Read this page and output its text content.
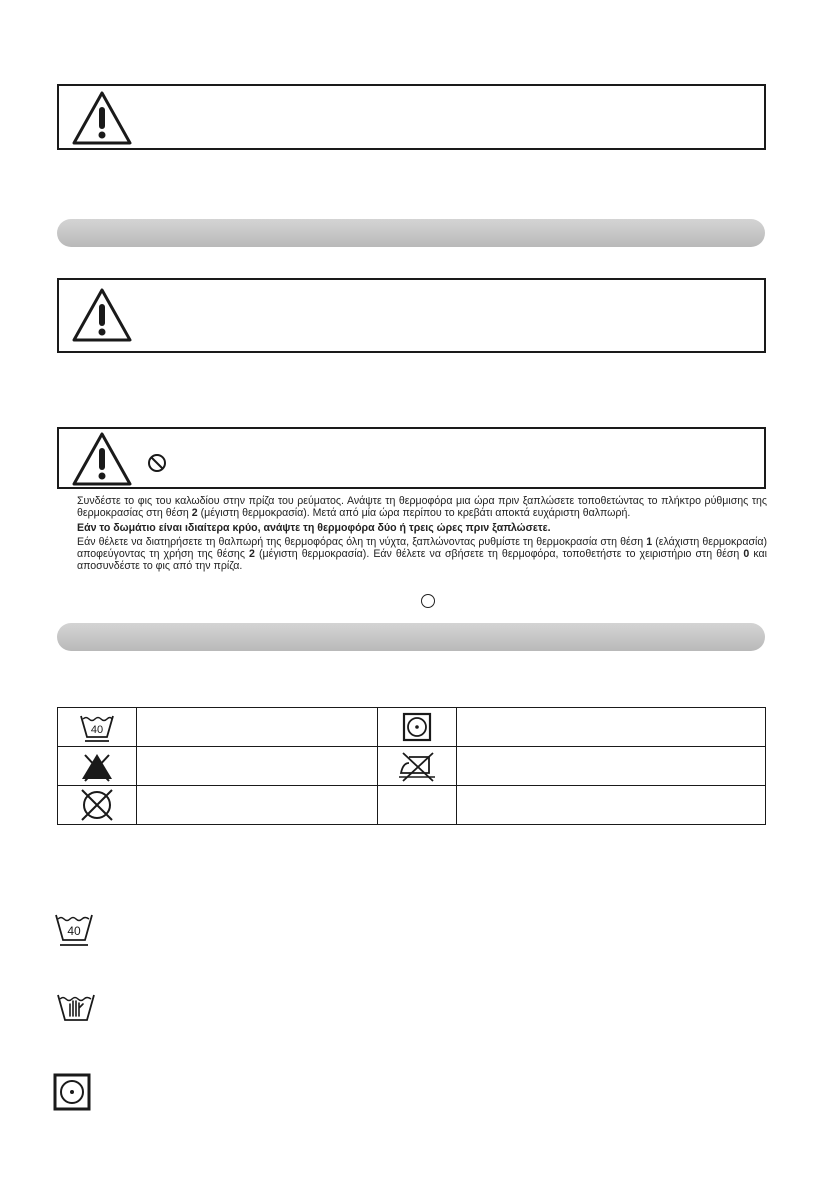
Συνδέστε το φις του καλωδίου στην πρίζα του ρεύματος. Ανάψτε τη θερμοφόρα μια ώρα πριν ξαπλώσετε τοποθετώντας το πλήκτρο ρύθμισης της θερμοκρασίας στη θέση 2 (μέγιστη θερμοκρασία). Μετά από μία ώρα περίπου το κρεβάτι αποκτά ευχάριστη θαλπωρή.

Εάν το δωμάτιο είναι ιδιαίτερα κρύο, ανάψτε τη θερμοφόρα δύο ή τρεις ώρες πριν ξαπλώσετε.

Εάν θέλετε να διατηρήσετε τη θαλπωρή της θερμοφόρας όλη τη νύχτα, ξαπλώνοντας ρυθμίστε τη θερμοκρασία στη θέση 1 (ελάχιστη θερμοκρασία) αποφεύγοντας τη χρήση της θέσης 2 (μέγιστη θερμοκρασία). Εάν θέλετε να σβήσετε τη θερμοφόρα, τοποθετήστε το χειριστήριο στη θέση 0 και αποσυνδέστε το φις από την πρίζα.

40

40
